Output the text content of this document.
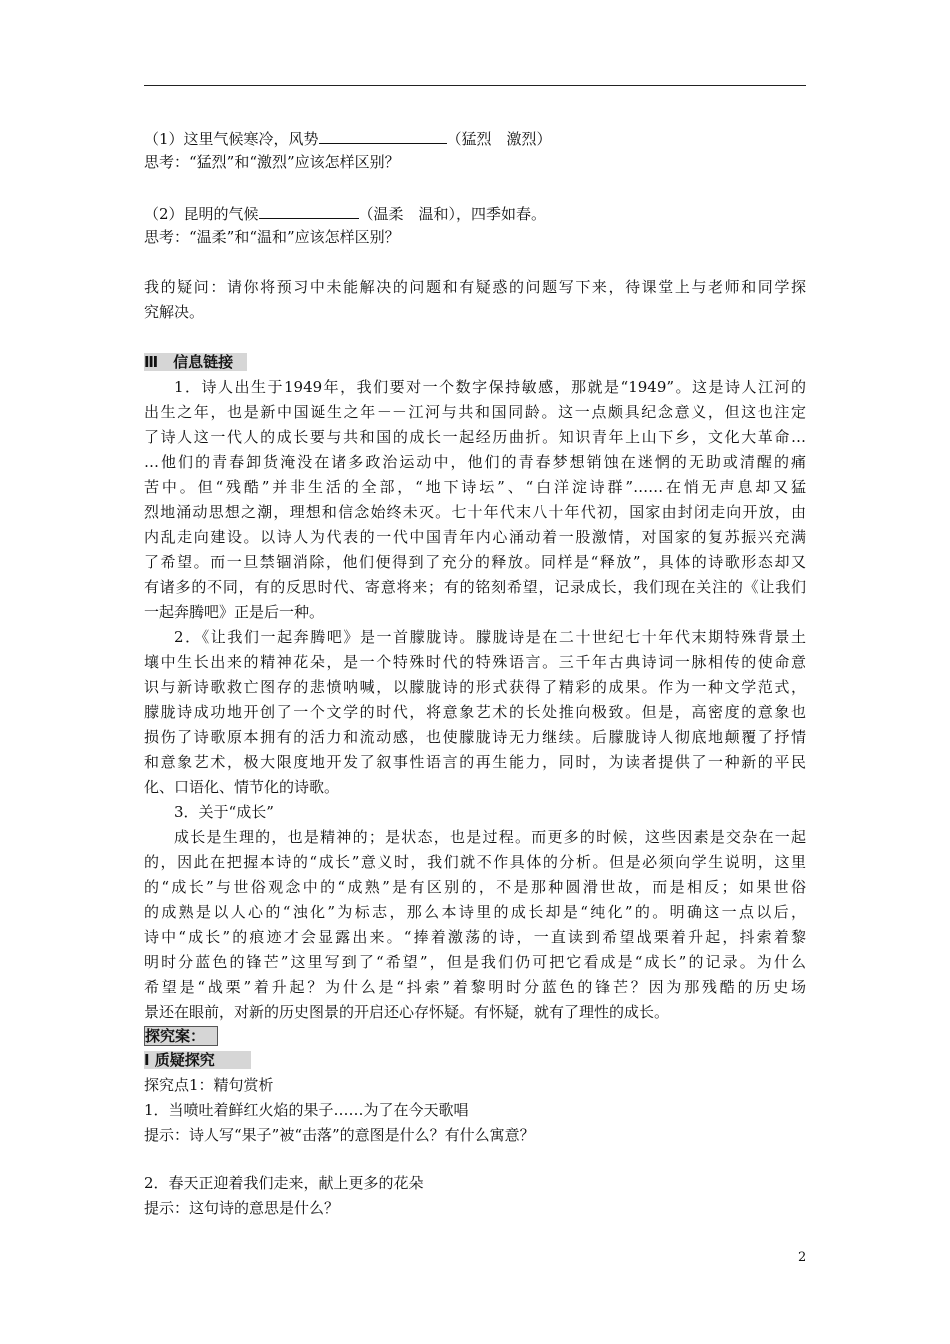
（1）这里气候寒冷，风势	（猛烈　激烈）
思考：“猛烈”和“激烈”应该怎样区别？
（2）昆明的气候	（温柔　温和），四季如春。
思考：“温柔”和“温和”应该怎样区别？
我的疑问：请你将预习中未能解决的问题和有疑惑的问题写下来，待课堂上与老师和同学探
究解决。
Ⅲ　信息链接
1．诗人出生于1949年，我们要对一个数字保持敏感，那就是“1949”。这是诗人江河的
出生之年，也是新中国诞生之年－－江河与共和国同龄。这一点颇具纪念意义，但这也注定
了诗人这一代人的成长要与共和国的成长一起经历曲折。知识青年上山下乡，文化大革命…
…他们的青春卸货淹没在诸多政治运动中，他们的青春梦想销蚀在迷惘的无助或清醒的痛
苦中。但“残酷”并非生活的全部，“地下诗坛”、“白洋淀诗群”……在悄无声息却又猛
烈地涌动思想之潮，理想和信念始终未灭。七十年代末八十年代初，国家由封闭走向开放，由
内乱走向建设。以诗人为代表的一代中国青年内心涌动着一股激情，对国家的复苏振兴充满
了希望。而一旦禁锢消除，他们便得到了充分的释放。同样是“释放”，具体的诗歌形态却又
有诸多的不同，有的反思时代、寄意将来；有的铭刻希望，记录成长，我们现在关注的《让我们
一起奔腾吧》正是后一种。
2．《让我们一起奔腾吧》是一首朦胧诗。朦胧诗是在二十世纪七十年代末期特殊背景土
壤中生长出来的精神花朵，是一个特殊时代的特殊语言。三千年古典诗词一脉相传的使命意
识与新诗歌救亡图存的悲愤呐喊，以朦胧诗的形式获得了精彩的成果。作为一种文学范式，
朦胧诗成功地开创了一个文学的时代，将意象艺术的长处推向极致。但是，高密度的意象也
损伤了诗歌原本拥有的活力和流动感，也使朦胧诗无力继续。后朦胧诗人彻底地颠覆了抒情
和意象艺术，极大限度地开发了叙事性语言的再生能力，同时，为读者提供了一种新的平民
化、口语化、情节化的诗歌。
3．关于“成长”
成长是生理的，也是精神的；是状态，也是过程。而更多的时候，这些因素是交杂在一起
的，因此在把握本诗的“成长”意义时，我们就不作具体的分析。但是必须向学生说明，这里
的“成长”与世俗观念中的“成熟”是有区别的，不是那种圆滑世故，而是相反；如果世俗
的成熟是以人心的“浊化”为标志，那么本诗里的成长却是“纯化”的。明确这一点以后，
诗中“成长”的痕迹才会显露出来。“捧着激荡的诗，一直读到希望战栗着升起，抖索着黎
明时分蓝色的锋芒”这里写到了“希望”，但是我们仍可把它看成是“成长”的记录。为什么
希望是“战栗”着升起？为什么是“抖索”着黎明时分蓝色的锋芒？因为那残酷的历史场
景还在眼前，对新的历史图景的开启还心存怀疑。有怀疑，就有了理性的成长。
探究案：
Ⅰ 质疑探究
探究点1：精句赏析
1．当喷吐着鲜红火焰的果子……为了在今天歌唱
提示：诗人写“果子”被“击落”的意图是什么？有什么寓意？
2．春天正迎着我们走来，献上更多的花朵
提示：这句诗的意思是什么？
2
